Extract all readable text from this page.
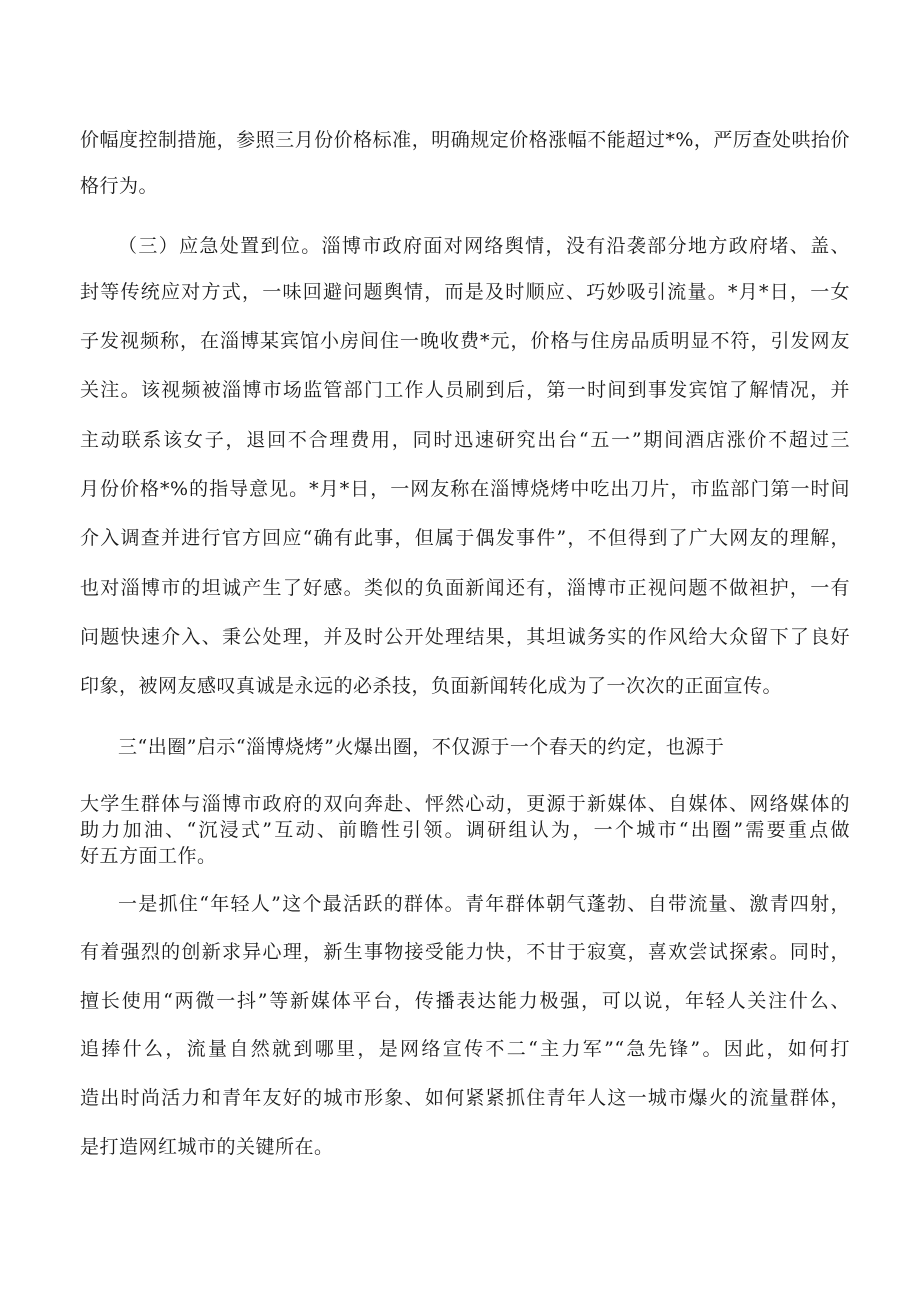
价幅度控制措施，参照三月份价格标准，明确规定价格涨幅不能超过*%，严厉查处哄抬价

格行为。

（三）应急处置到位。淄博市政府面对网络舆情，没有沿袭部分地方政府堵、盖、

封等传统应对方式，一味回避问题舆情，而是及时顺应、巧妙吸引流量。*月*日，一女

子发视频称，在淄博某宾馆小房间住一晚收费*元，价格与住房品质明显不符，引发网友

关注。该视频被淄博市场监管部门工作人员刷到后，第一时间到事发宾馆了解情况，并

主动联系该女子，退回不合理费用，同时迅速研究出台“五一”期间酒店涨价不超过三

月份价格*%的指导意见。*月*日，一网友称在淄博烧烤中吃出刀片，市监部门第一时间

介入调查并进行官方回应“确有此事，但属于偶发事件”，不但得到了广大网友的理解，

也对淄博市的坦诚产生了好感。类似的负面新闻还有，淄博市正视问题不做袒护，一有

问题快速介入、秉公处理，并及时公开处理结果，其坦诚务实的作风给大众留下了良好

印象，被网友感叹真诚是永远的必杀技，负面新闻转化成为了一次次的正面宣传。

三“出圈”启示“淄博烧烤”火爆出圈，不仅源于一个春天的约定，也源于

大学生群体与淄博市政府的双向奔赴、怦然心动，更源于新媒体、自媒体、网络媒体的

助力加油、“沉浸式”互动、前瞻性引领。调研组认为，一个城市“出圈”需要重点做

好五方面工作。

一是抓住“年轻人”这个最活跃的群体。青年群体朝气蓬勃、自带流量、激青四射，

有着强烈的创新求异心理，新生事物接受能力快，不甘于寂寞，喜欢尝试探索。同时，

擅长使用“两微一抖”等新媒体平台，传播表达能力极强，可以说，年轻人关注什么、

追捧什么，流量自然就到哪里，是网络宣传不二“主力军”“急先锋”。因此，如何打

造出时尚活力和青年友好的城市形象、如何紧紧抓住青年人这一城市爆火的流量群体，

是打造网红城市的关键所在。
